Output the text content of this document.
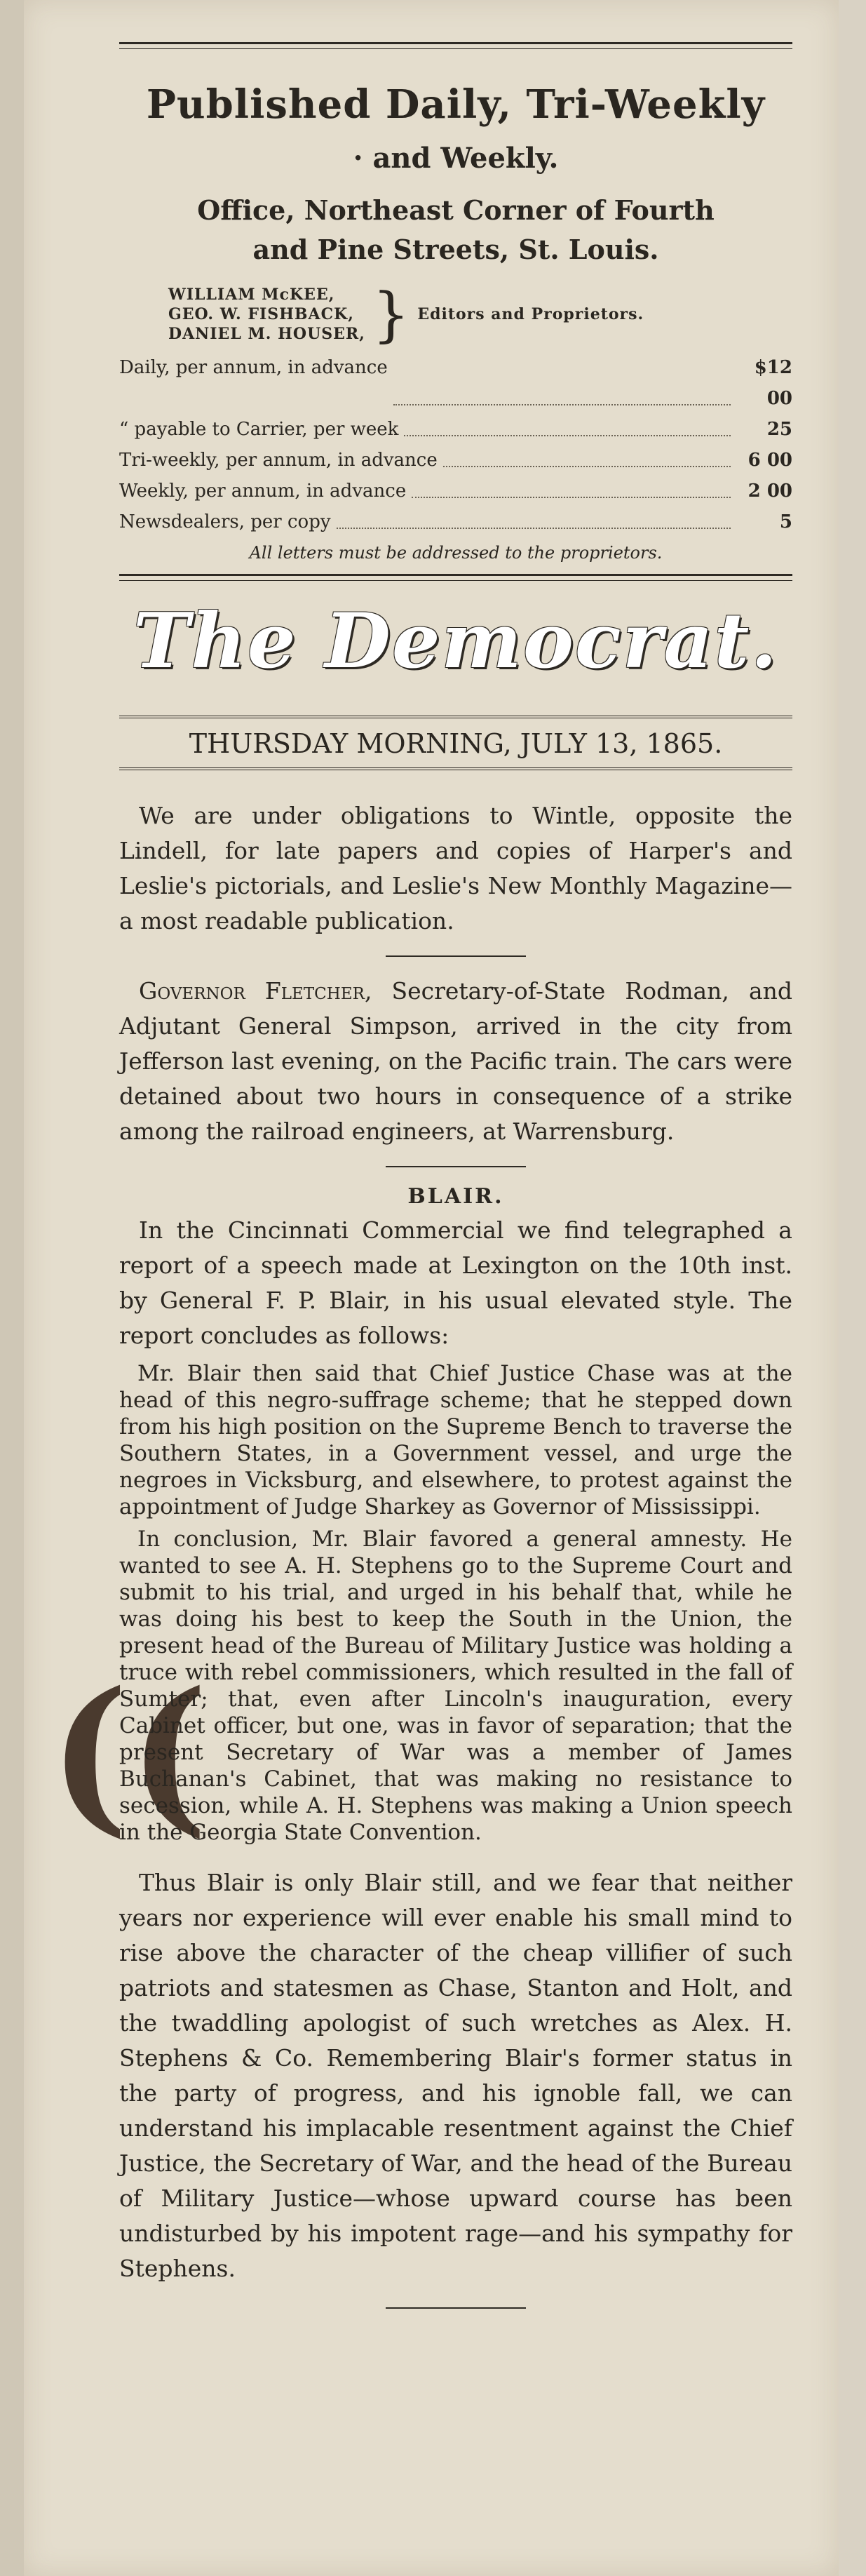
((
Published Daily, Tri-Weekly
· and Weekly.
Office, Northeast Corner of Fourth
and Pine Streets, St. Louis.
WILLIAM McKEE,
GEO. W. FISHBACK,
DANIEL M. HOUSER, } Editors and Proprietors.
Daily, per annum, in advance	$12 00
“ payable to Carrier, per week	25
Tri-weekly, per annum, in advance	6 00
Weekly, per annum, in advance	2 00
Newsdealers, per copy	5
All letters must be addressed to the proprietors.
The Democrat.
THURSDAY MORNING, JULY 13, 1865.

We are under obligations to Wintle, opposite the Lindell, for late papers and copies of Harper's and Leslie's pictorials, and Leslie's New Monthly Magazine—a most readable publication.

Governor Fletcher, Secretary-of-State Rodman, and Adjutant General Simpson, arrived in the city from Jefferson last evening, on the Pacific train. The cars were detained about two hours in consequence of a strike among the railroad engineers, at Warrensburg.

BLAIR.

In the Cincinnati Commercial we find telegraphed a report of a speech made at Lexington on the 10th inst. by General F. P. Blair, in his usual elevated style. The report concludes as follows:

Mr. Blair then said that Chief Justice Chase was at the head of this negro-suffrage scheme; that he stepped down from his high position on the Supreme Bench to traverse the Southern States, in a Government vessel, and urge the negroes in Vicksburg, and elsewhere, to protest against the appointment of Judge Sharkey as Governor of Mississippi.

In conclusion, Mr. Blair favored a general amnesty. He wanted to see A. H. Stephens go to the Supreme Court and submit to his trial, and urged in his behalf that, while he was doing his best to keep the South in the Union, the present head of the Bureau of Military Justice was holding a truce with rebel commissioners, which resulted in the fall of Sumter; that, even after Lincoln's inauguration, every Cabinet officer, but one, was in favor of separation; that the present Secretary of War was a member of James Buchanan's Cabinet, that was making no resistance to secession, while A. H. Stephens was making a Union speech in the Georgia State Convention.

Thus Blair is only Blair still, and we fear that neither years nor experience will ever enable his small mind to rise above the character of the cheap villifier of such patriots and statesmen as Chase, Stanton and Holt, and the twaddling apologist of such wretches as Alex. H. Stephens & Co. Remembering Blair's former status in the party of progress, and his ignoble fall, we can understand his implacable resentment against the Chief Justice, the Secretary of War, and the head of the Bureau of Military Justice—whose upward course has been undisturbed by his impotent rage—and his sympathy for Stephens.
